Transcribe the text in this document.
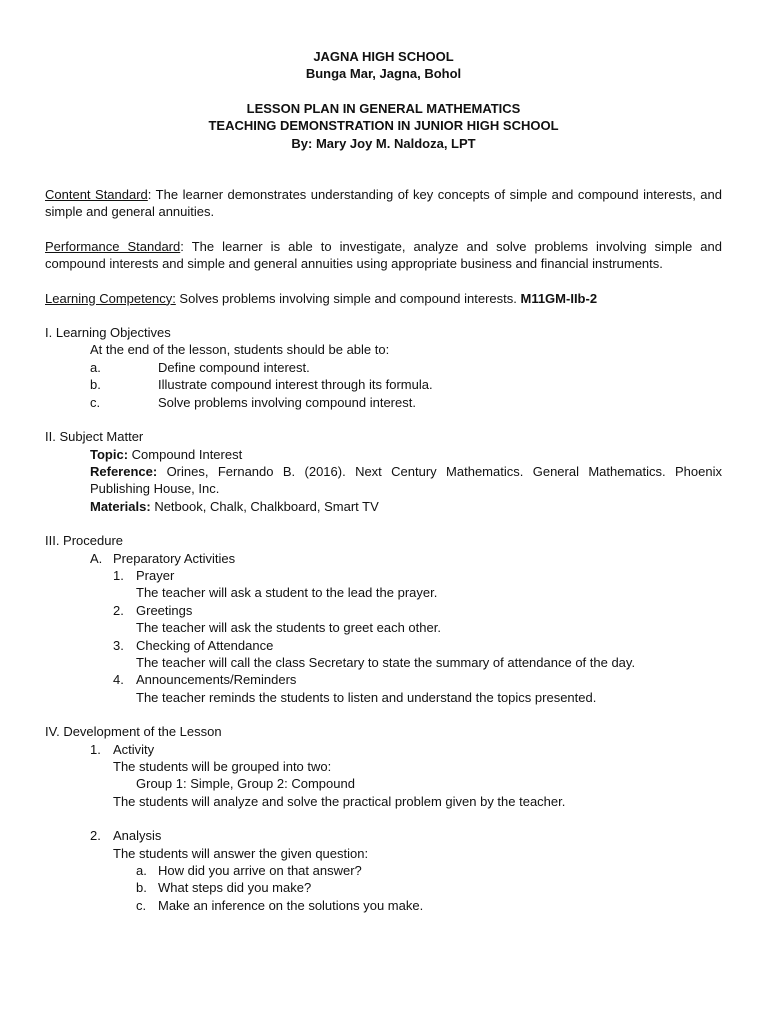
JAGNA HIGH SCHOOL

Bunga Mar, Jagna, Bohol

LESSON PLAN IN GENERAL MATHEMATICS

TEACHING DEMONSTRATION IN JUNIOR HIGH SCHOOL

By: Mary Joy M. Naldoza, LPT

Content Standard: The learner demonstrates understanding of key concepts of simple and compound interests, and simple and general annuities.

Performance Standard: The learner is able to investigate, analyze and solve problems involving simple and compound interests and simple and general annuities using appropriate business and financial instruments.

Learning Competency: Solves problems involving simple and compound interests. M11GM-IIb-2

I. Learning Objectives

At the end of the lesson, students should be able to:

a.	Define compound interest.
b.	Illustrate compound interest through its formula.
c.	Solve problems involving compound interest.

II. Subject Matter

Topic: Compound Interest

Reference: Orines, Fernando B. (2016). Next Century Mathematics. General Mathematics. Phoenix Publishing House, Inc.

Materials: Netbook, Chalk, Chalkboard, Smart TV

III. Procedure

A. Preparatory Activities
1. Prayer

The teacher will ask a student to the lead the prayer.

2. Greetings

The teacher will ask the students to greet each other.

3. Checking of Attendance

The teacher will call the class Secretary to state the summary of attendance of the day.

4. Announcements/Reminders

The teacher reminds the students to listen and understand the topics presented.

IV. Development of the Lesson

1. Activity

The students will be grouped into two:

Group 1: Simple, Group 2: Compound

The students will analyze and solve the practical problem given by the teacher.

2. Analysis

The students will answer the given question:

a. How did you arrive on that answer?
b. What steps did you make?
c. Make an inference on the solutions you make.
